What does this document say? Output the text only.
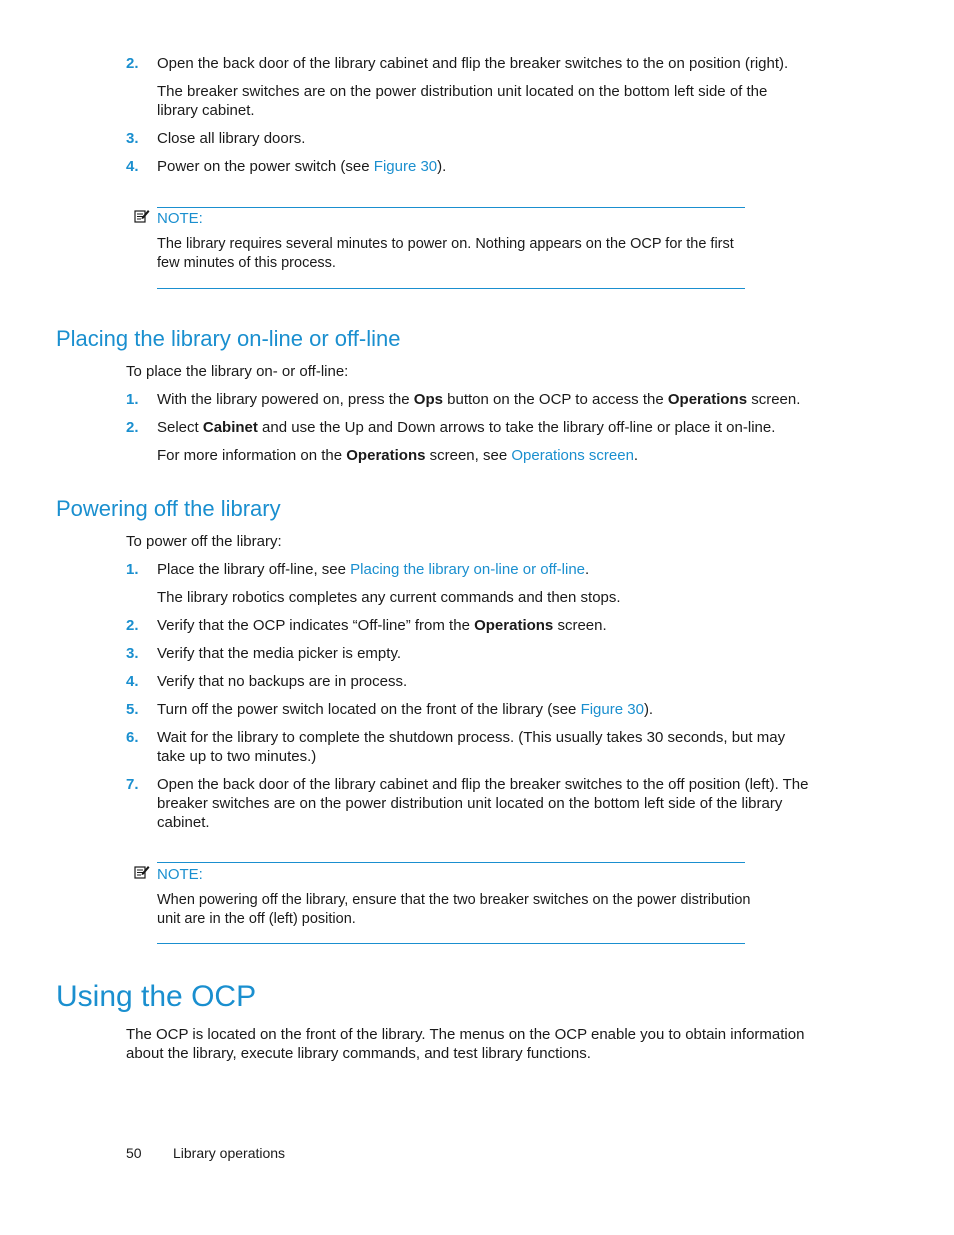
2. Open the back door of the library cabinet and flip the breaker switches to the on position (right).
The breaker switches are on the power distribution unit located on the bottom left side of the library cabinet.
3. Close all library doors.
4. Power on the power switch (see Figure 30).
NOTE:
The library requires several minutes to power on. Nothing appears on the OCP for the first few minutes of this process.
Placing the library on-line or off-line
To place the library on- or off-line:
1. With the library powered on, press the Ops button on the OCP to access the Operations screen.
2. Select Cabinet and use the Up and Down arrows to take the library off-line or place it on-line.
For more information on the Operations screen, see Operations screen.
Powering off the library
To power off the library:
1. Place the library off-line, see Placing the library on-line or off-line.
The library robotics completes any current commands and then stops.
2. Verify that the OCP indicates “Off-line” from the Operations screen.
3. Verify that the media picker is empty.
4. Verify that no backups are in process.
5. Turn off the power switch located on the front of the library (see Figure 30).
6. Wait for the library to complete the shutdown process. (This usually takes 30 seconds, but may take up to two minutes.)
7. Open the back door of the library cabinet and flip the breaker switches to the off position (left). The breaker switches are on the power distribution unit located on the bottom left side of the library cabinet.
NOTE:
When powering off the library, ensure that the two breaker switches on the power distribution unit are in the off (left) position.
Using the OCP
The OCP is located on the front of the library. The menus on the OCP enable you to obtain information about the library, execute library commands, and test library functions.
50 Library operations
